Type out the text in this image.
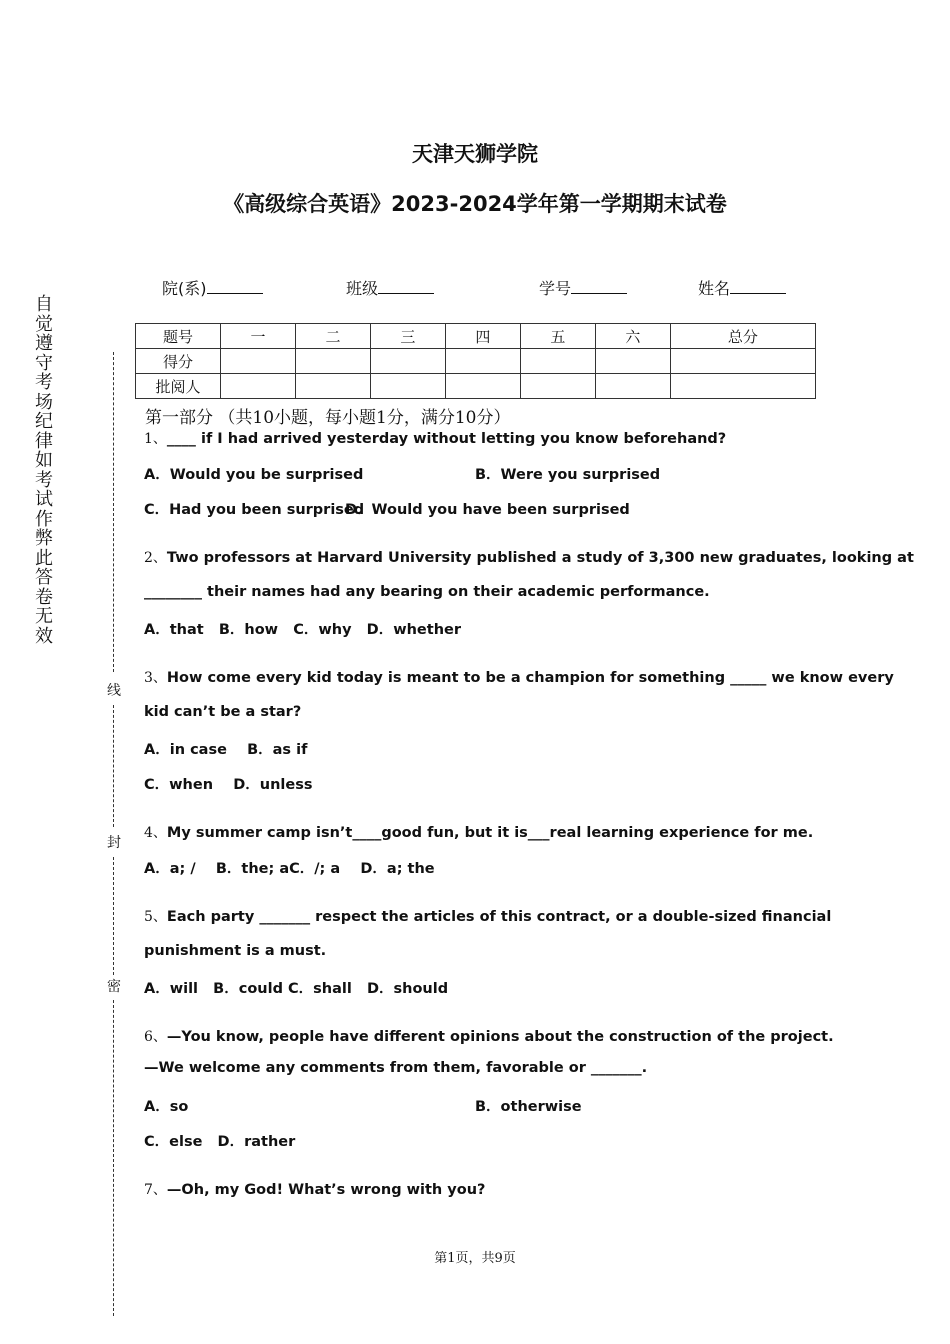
自觉遵守考场纪律如考试作弊此答卷无效
线
封
密
天津天狮学院
《高级综合英语》2023-2024学年第一学期期末试卷
院(系)	班级	学号	姓名
题号	一	二	三	四	五	六	总分
得分							
批阅人							
第一部分 （共10小题，每小题1分，满分10分）
1、____ if I had arrived yesterday without letting you know beforehand?
A．Would you be surprised	B．Were you surprised
C．Had you been surprised
D．Would you have been surprised
2、Two professors at Harvard University published a study of 3,300 new graduates, looking at
________ their names had any bearing on their academic performance.
A．that   B．how   C．why   D．whether
3、How come every kid today is meant to be a champion for something _____ we know every
kid can’t be a star?
A．in case    B．as if
C．when    D．unless
4、My summer camp isn’t____good fun, but it is___real learning experience for me.
A．a; /    B．the; aC．/; a    D．a; the
5、Each party _______ respect the articles of this contract, or a double-sized financial
punishment is a must.
A．will   B．could C．shall   D．should
6、—You know, people have different opinions about the construction of the project.
—We welcome any comments from them, favorable or _______.
A．so	B．otherwise
C．else   D．rather
7、—Oh, my God! What’s wrong with you?
第1页，共9页
